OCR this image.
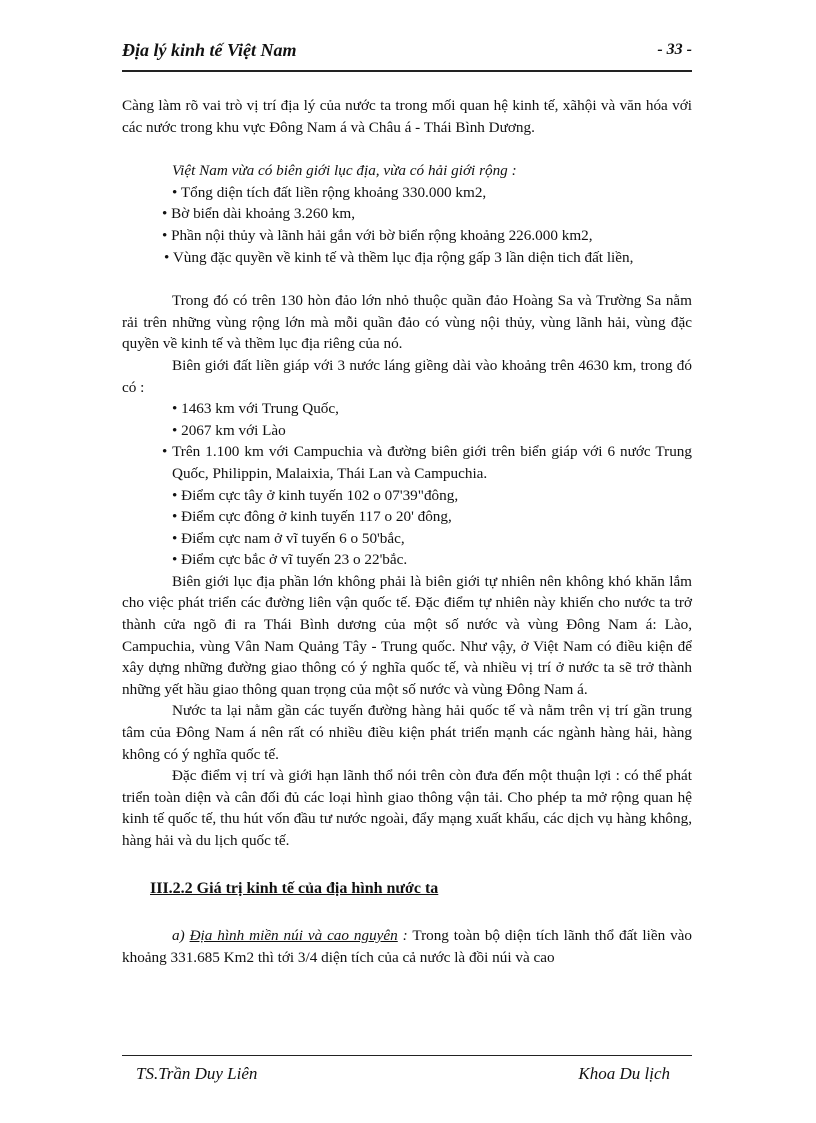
Địa lý kinh tế Việt Nam	- 33 -

Càng làm rõ vai trò vị trí địa lý của nước ta trong mối quan hệ kinh tế, xãhội và văn hóa với các nước trong khu vực Đông Nam á và Châu á - Thái Bình Dương.

Việt Nam vừa có biên giới lục địa, vừa có hải giới rộng :

• Tổng diện tích đất liền rộng khoảng 330.000 km2,

• Bờ biển dài khoảng 3.260 km,

• Phần nội thủy và lãnh hải gắn với bờ biển rộng khoảng 226.000 km2,

• Vùng đặc quyền về kinh tế và thềm lục địa rộng gấp 3 lần diện tich đất liền,

Trong đó có trên 130 hòn đảo lớn nhỏ thuộc quần đảo Hoàng Sa và Trường Sa nằm rải trên những vùng rộng lớn mà mỗi quần đảo có vùng nội thủy, vùng lãnh hải, vùng đặc quyền về kinh tế và thềm lục địa riêng của nó.

Biên giới đất liền giáp với 3 nước láng giềng dài vào khoảng trên 4630 km, trong đó có :

• 1463 km với Trung Quốc,

• 2067 km với Lào

• Trên 1.100 km với Campuchia và đường biên giới trên biển giáp với 6 nước Trung Quốc, Philippin, Malaixia, Thái Lan và Campuchia.

• Điểm cực tây ở kinh tuyến 102 o 07'39"đông,

• Điểm cực đông ở kinh tuyến 117 o 20' đông,

• Điểm cực nam ở vĩ tuyến 6 o 50'bắc,

• Điểm cực bắc ở vĩ tuyến 23 o 22'bắc.

Biên giới lục địa phần lớn không phải là biên giới tự nhiên nên không khó khăn lắm cho việc phát triển các đường liên vận quốc tế. Đặc điểm tự nhiên này khiến cho nước ta trở thành cửa ngõ đi ra Thái Bình dương của một số nước và vùng Đông Nam á: Lào, Campuchia, vùng Vân Nam Quảng Tây - Trung quốc. Như vậy, ở Việt Nam có điều kiện để xây dựng những đường giao thông có ý nghĩa quốc tế, và nhiều vị trí ở nước ta sẽ trở thành những yết hầu giao thông quan trọng của một số nước và vùng Đông Nam á.

Nước ta lại nằm gần các tuyến đường hàng hải quốc tế và nằm trên vị trí gần trung tâm của Đông Nam á nên rất có nhiều điều kiện phát triển mạnh các ngành hàng hải, hàng không có ý nghĩa quốc tế.

Đặc điểm vị trí và giới hạn lãnh thổ nói trên còn đưa đến một thuận lợi : có thể phát triển toàn diện và cân đối đủ các loại hình giao thông vận tải. Cho phép ta mở rộng quan hệ kinh tế quốc tế, thu hút vốn đầu tư nước ngoài, đẩy mạng xuất khẩu, các dịch vụ hàng không, hàng hải và du lịch quốc tế.

III.2.2 Giá trị kinh tế của địa hình nước ta

a) Địa hình miền núi và cao nguyên : Trong toàn bộ diện tích lãnh thổ đất liền vào khoảng 331.685 Km2 thì tới 3/4 diện tích của cả nước là đồi núi và cao

TS.Trần Duy Liên	Khoa Du lịch
